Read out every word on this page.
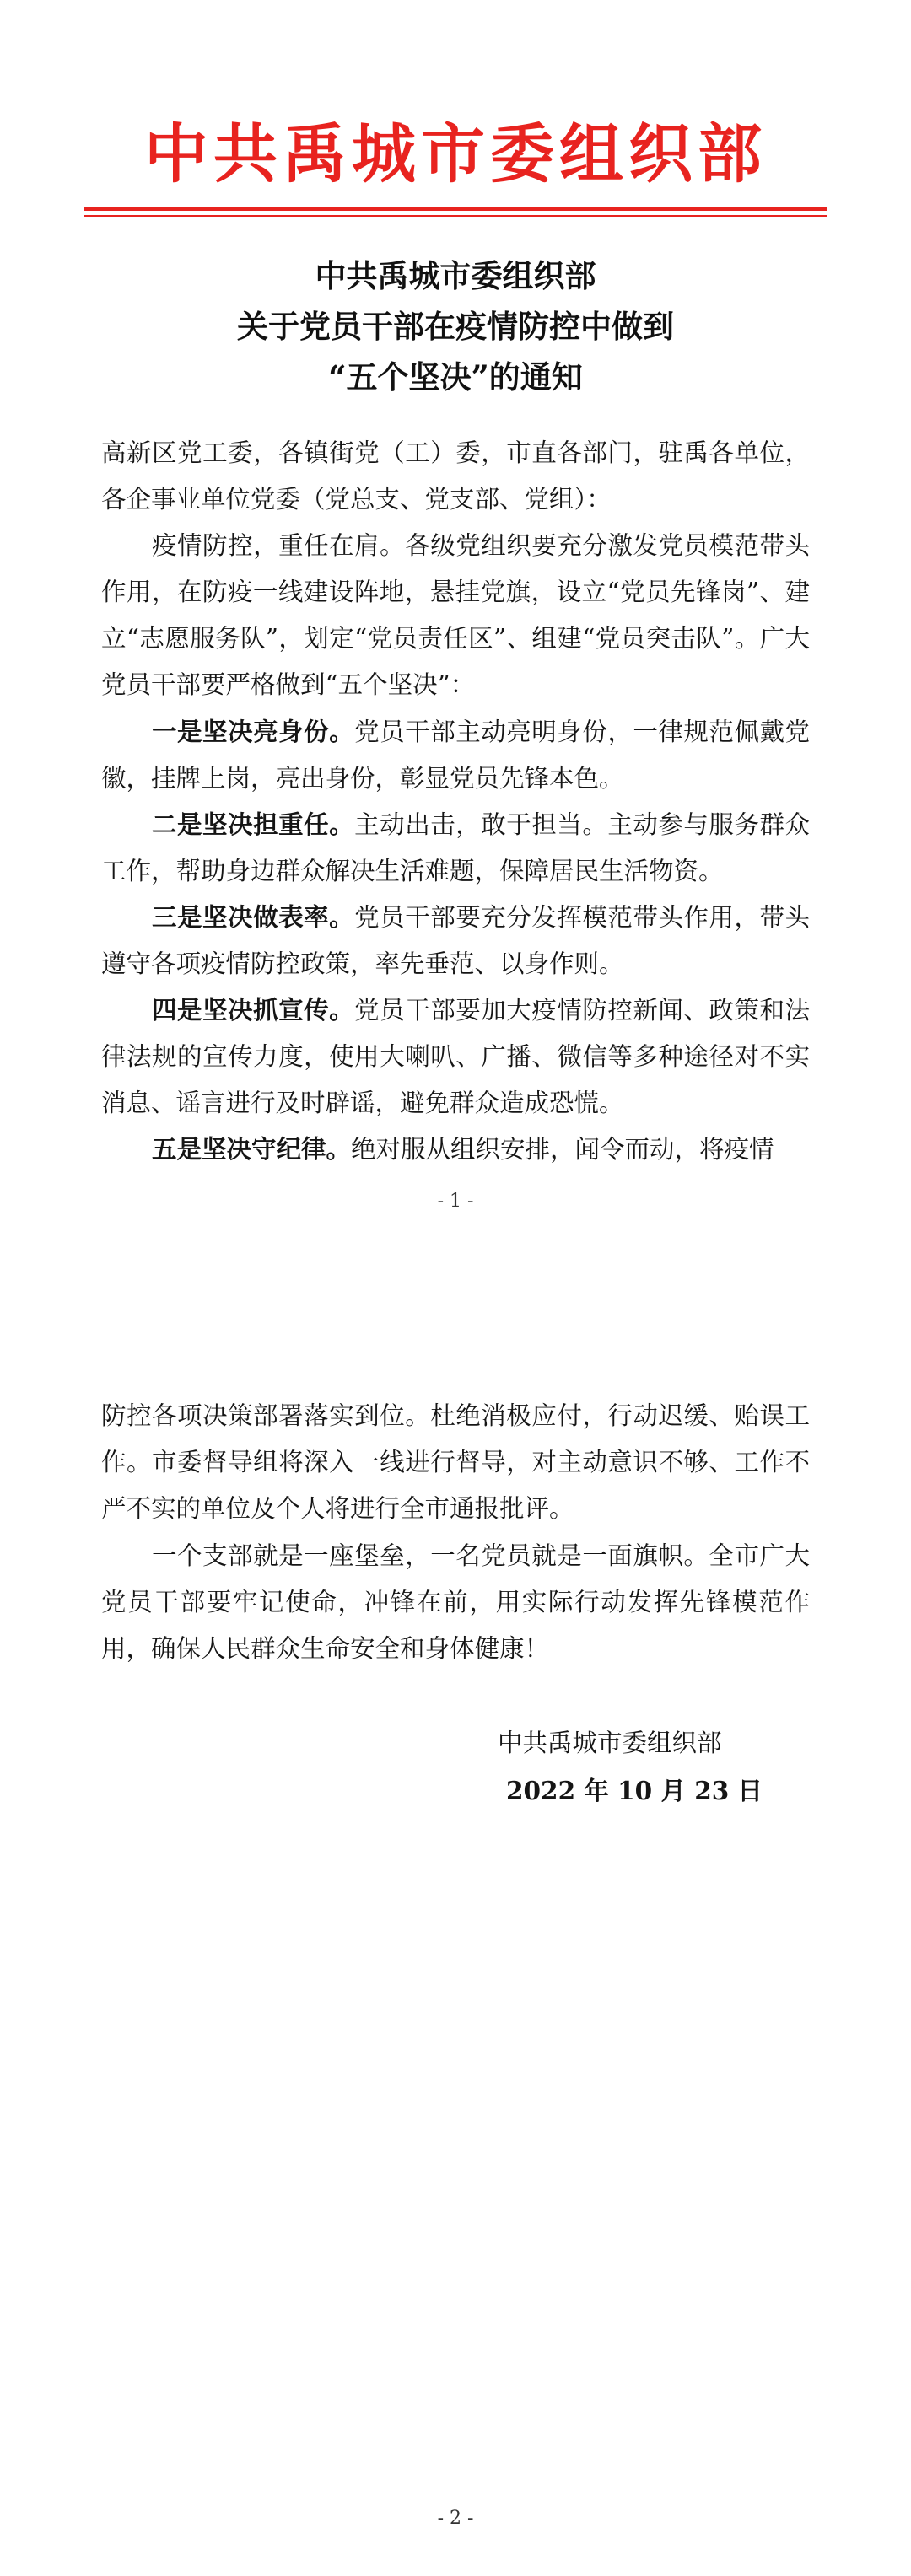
中共禹城市委组织部
中共禹城市委组织部
关于党员干部在疫情防控中做到
“五个坚决”的通知
高新区党工委，各镇街党（工）委，市直各部门，驻禹各单位，各企事业单位党委（党总支、党支部、党组）：
疫情防控，重任在肩。各级党组织要充分激发党员模范带头作用，在防疫一线建设阵地，悬挂党旗，设立“党员先锋岗”、建立“志愿服务队”，划定“党员责任区”、组建“党员突击队”。广大党员干部要严格做到“五个坚决”：
一是坚决亮身份。党员干部主动亮明身份，一律规范佩戴党徽，挂牌上岗，亮出身份，彰显党员先锋本色。
二是坚决担重任。主动出击，敢于担当。主动参与服务群众工作，帮助身边群众解决生活难题，保障居民生活物资。
三是坚决做表率。党员干部要充分发挥模范带头作用，带头遵守各项疫情防控政策，率先垂范、以身作则。
四是坚决抓宣传。党员干部要加大疫情防控新闻、政策和法律法规的宣传力度，使用大喇叭、广播、微信等多种途径对不实消息、谣言进行及时辟谣，避免群众造成恐慌。
五是坚决守纪律。绝对服从组织安排，闻令而动，将疫情
- 1 -
防控各项决策部署落实到位。杜绝消极应付，行动迟缓、贻误工作。市委督导组将深入一线进行督导，对主动意识不够、工作不严不实的单位及个人将进行全市通报批评。
一个支部就是一座堡垒，一名党员就是一面旗帜。全市广大党员干部要牢记使命，冲锋在前，用实际行动发挥先锋模范作用，确保人民群众生命安全和身体健康！
中共禹城市委组织部
2022 年 10 月 23 日
- 2 -
